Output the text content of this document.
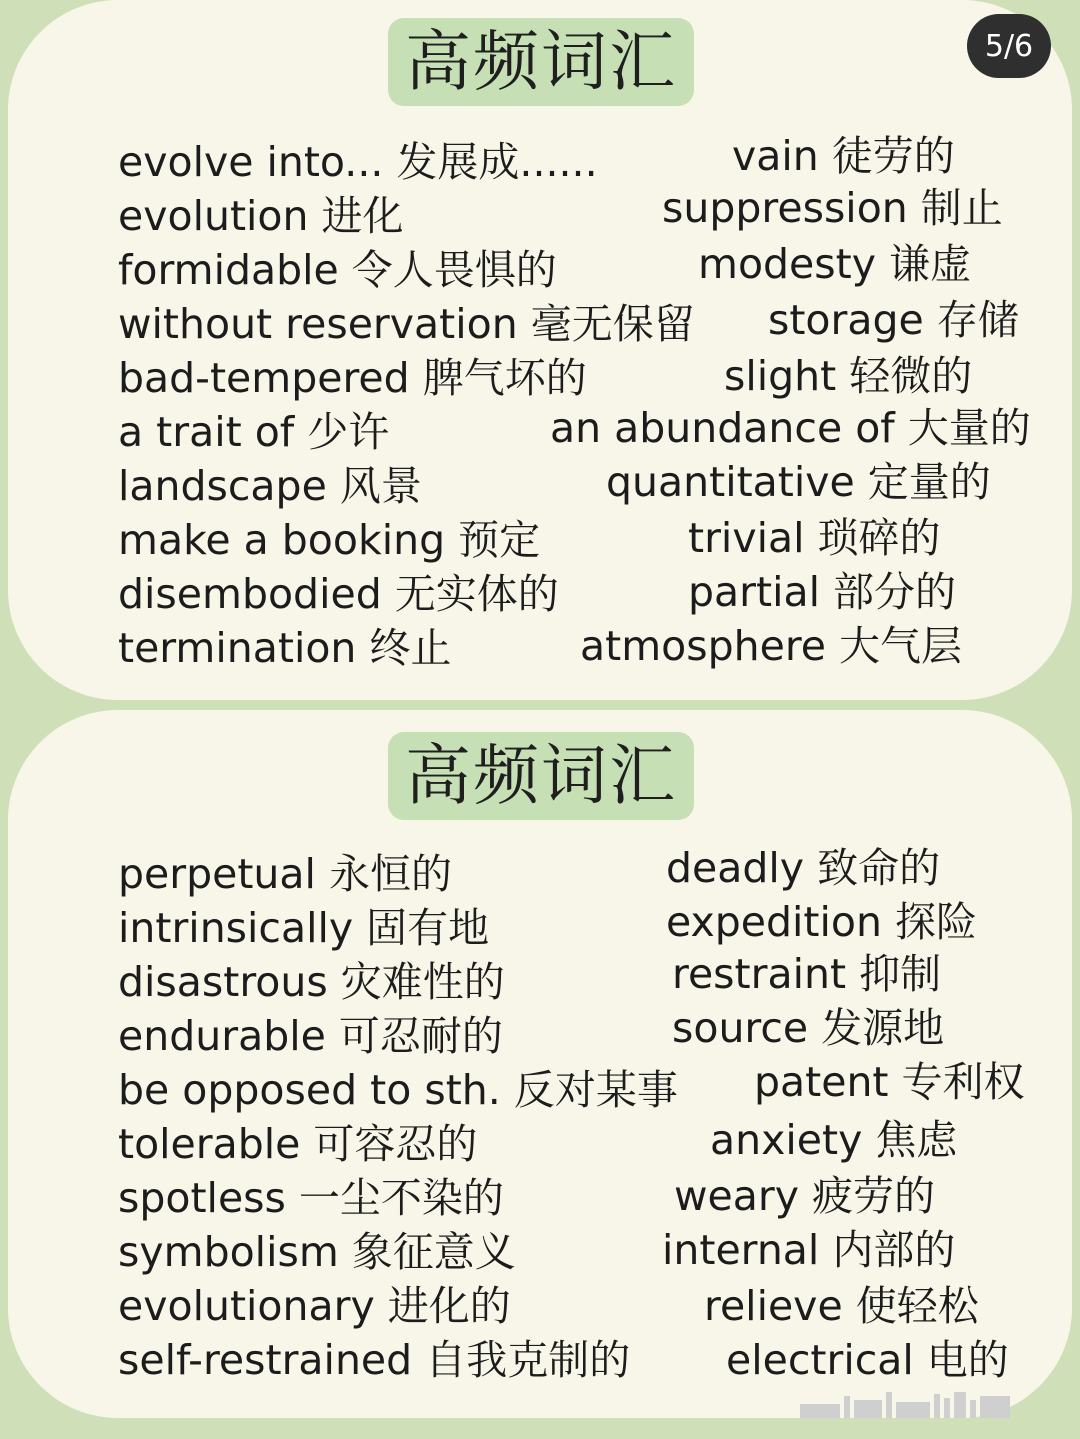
高频词汇
evolve into... 发展成......
evolution 进化
formidable 令人畏惧的
without reservation 毫无保留
bad-tempered 脾气坏的
a trait of 少许
landscape 风景
make a booking 预定
disembodied 无实体的
termination 终止
vain 徒劳的
suppression 制止
modesty 谦虚
storage 存储
slight 轻微的
an abundance of 大量的
quantitative 定量的
trivial 琐碎的
partial 部分的
atmosphere 大气层
高频词汇
perpetual 永恒的
intrinsically 固有地
disastrous 灾难性的
endurable 可忍耐的
be opposed to sth. 反对某事
tolerable 可容忍的
spotless 一尘不染的
symbolism 象征意义
evolutionary 进化的
self-restrained 自我克制的
deadly 致命的
expedition 探险
restraint 抑制
source 发源地
patent 专利权
anxiety 焦虑
weary 疲劳的
internal 内部的
relieve 使轻松
electrical 电的
5/6
